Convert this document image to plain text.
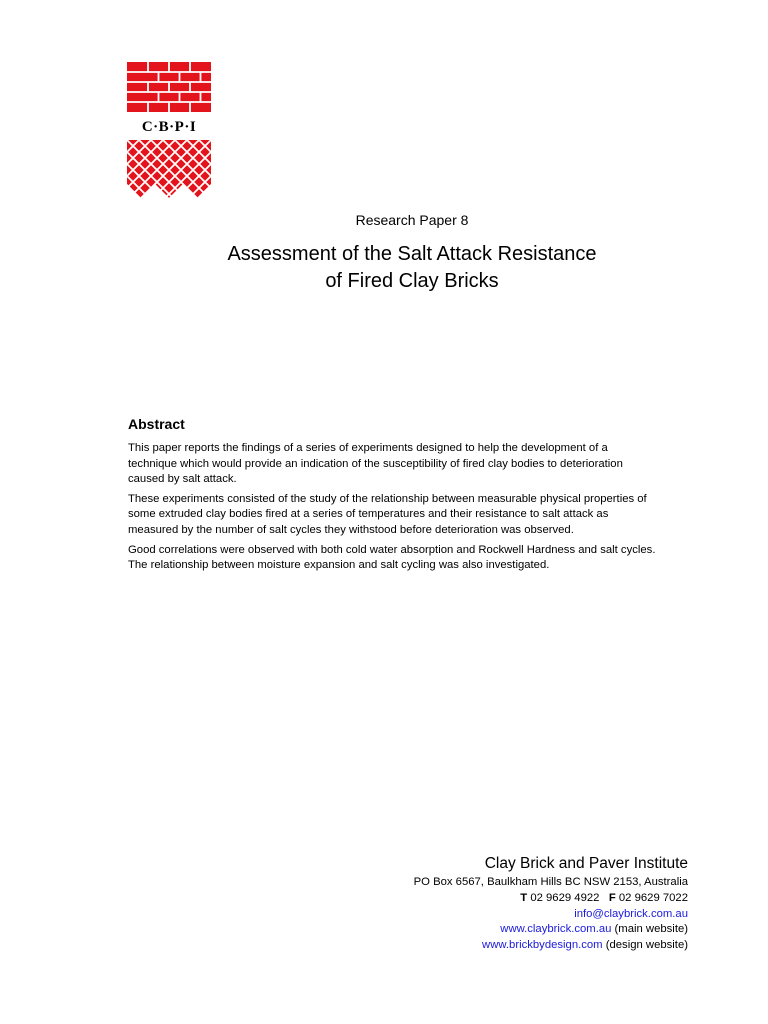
C·B·P·I
Research Paper 8
Assessment of the Salt Attack Resistance
of Fired Clay Bricks
Abstract

This paper reports the findings of a series of experiments designed to help the development of a
technique which would provide an indication of the susceptibility of fired clay bodies to deterioration
caused by salt attack.

These experiments consisted of the study of the relationship between measurable physical properties of
some extruded clay bodies fired at a series of temperatures and their resistance to salt attack as
measured by the number of salt cycles they withstood before deterioration was observed.

Good correlations were observed with both cold water absorption and Rockwell Hardness and salt cycles.
The relationship between moisture expansion and salt cycling was also investigated.

Clay Brick and Paver Institute
PO Box 6567, Baulkham Hills BC NSW 2153, Australia
T 02 9629 4922 F 02 9629 7022
info@claybrick.com.au
www.claybrick.com.au (main website)
www.brickbydesign.com (design website)
